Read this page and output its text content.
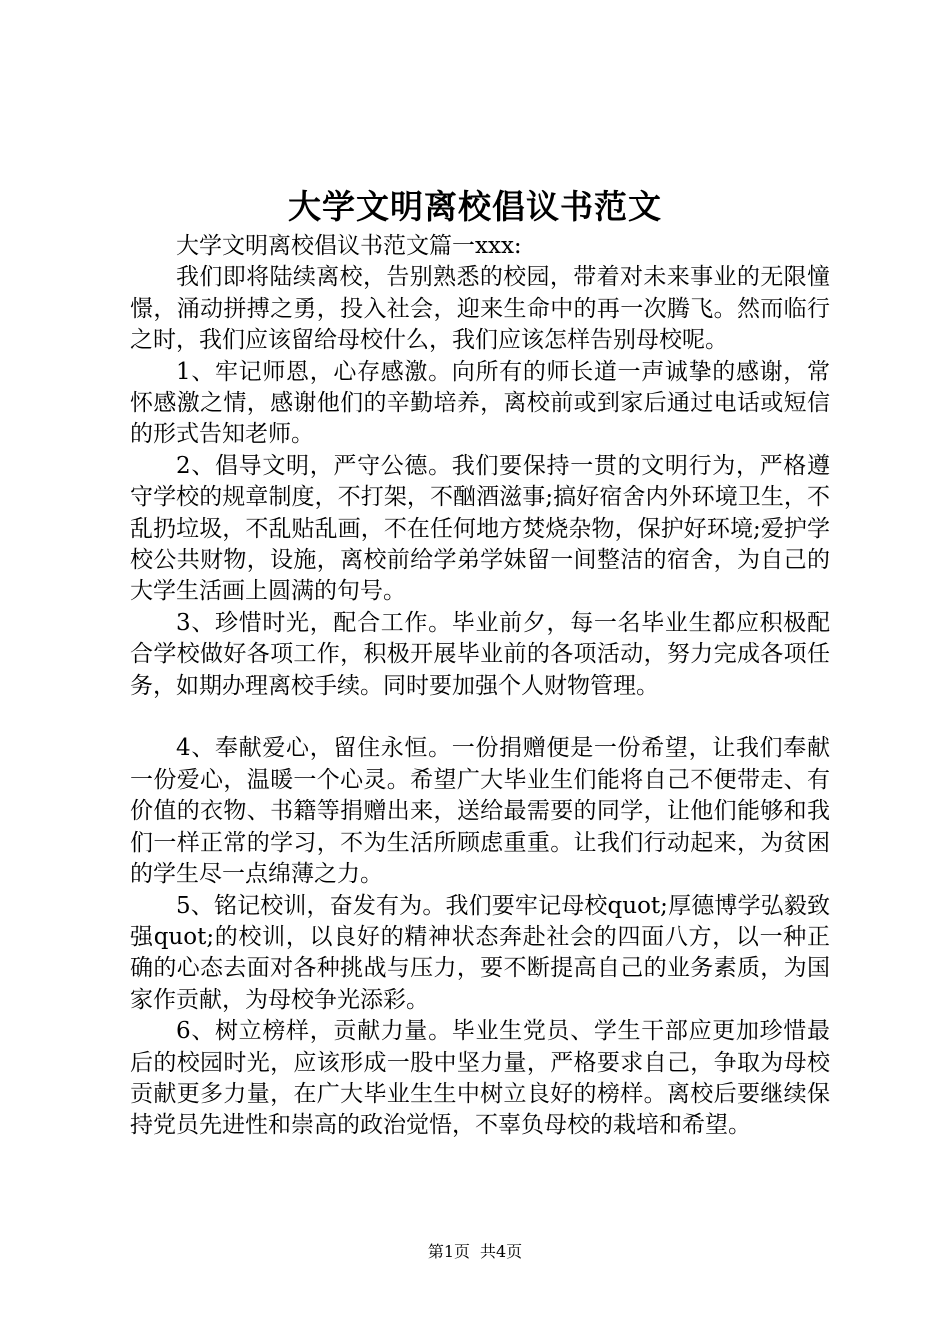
大学文明离校倡议书范文

大学文明离校倡议书范文篇一xxx:

我们即将陆续离校，告别熟悉的校园，带着对未来事业的无限憧憬，涌动拼搏之勇，投入社会，迎来生命中的再一次腾飞。然而临行之时，我们应该留给母校什么，我们应该怎样告别母校呢。

1、牢记师恩，心存感激。向所有的师长道一声诚挚的感谢，常怀感激之情，感谢他们的辛勤培养，离校前或到家后通过电话或短信的形式告知老师。

2、倡导文明，严守公德。我们要保持一贯的文明行为，严格遵守学校的规章制度，不打架，不酗酒滋事;搞好宿舍内外环境卫生，不乱扔垃圾，不乱贴乱画，不在任何地方焚烧杂物，保护好环境;爱护学校公共财物，设施，离校前给学弟学妹留一间整洁的宿舍，为自己的大学生活画上圆满的句号。

3、珍惜时光，配合工作。毕业前夕，每一名毕业生都应积极配合学校做好各项工作，积极开展毕业前的各项活动，努力完成各项任务，如期办理离校手续。同时要加强个人财物管理。

4、奉献爱心，留住永恒。一份捐赠便是一份希望，让我们奉献一份爱心，温暖一个心灵。希望广大毕业生们能将自己不便带走、有价值的衣物、书籍等捐赠出来，送给最需要的同学，让他们能够和我们一样正常的学习，不为生活所顾虑重重。让我们行动起来，为贫困的学生尽一点绵薄之力。

5、铭记校训，奋发有为。我们要牢记母校quot;厚德博学弘毅致强quot;的校训，以良好的精神状态奔赴社会的四面八方，以一种正确的心态去面对各种挑战与压力，要不断提高自己的业务素质，为国家作贡献，为母校争光添彩。

6、树立榜样，贡献力量。毕业生党员、学生干部应更加珍惜最后的校园时光，应该形成一股中坚力量，严格要求自己，争取为母校贡献更多力量，在广大毕业生生中树立良好的榜样。离校后要继续保持党员先进性和崇高的政治觉悟，不辜负母校的栽培和希望。

第1页 共4页
